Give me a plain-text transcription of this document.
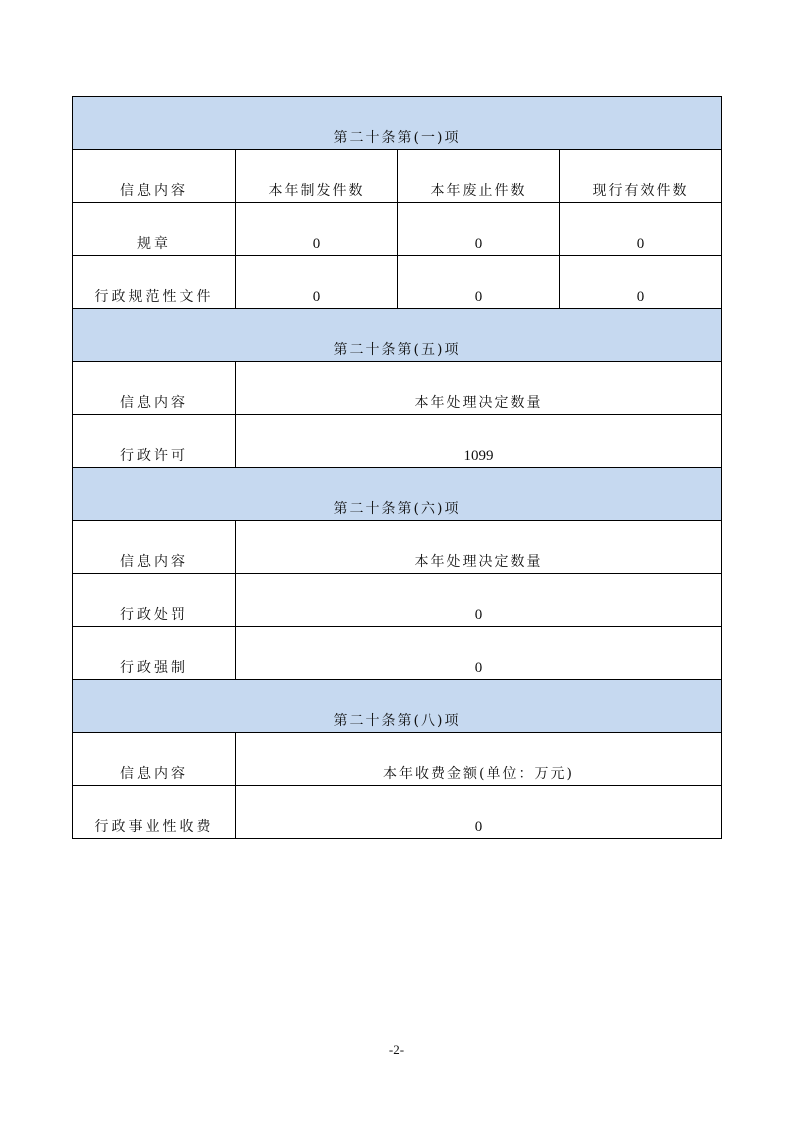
第二十条第(一)项			
信息内容	本年制发件数	本年废止件数	现行有效件数
规章	0	0	0
行政规范性文件	0	0	0
第二十条第(五)项			
信息内容	本年处理决定数量		
行政许可	1099		
第二十条第(六)项			
信息内容	本年处理决定数量		
行政处罚	0		
行政强制	0		
第二十条第(八)项			
信息内容	本年收费金额(单位：万元)		
行政事业性收费	0		
-2-
